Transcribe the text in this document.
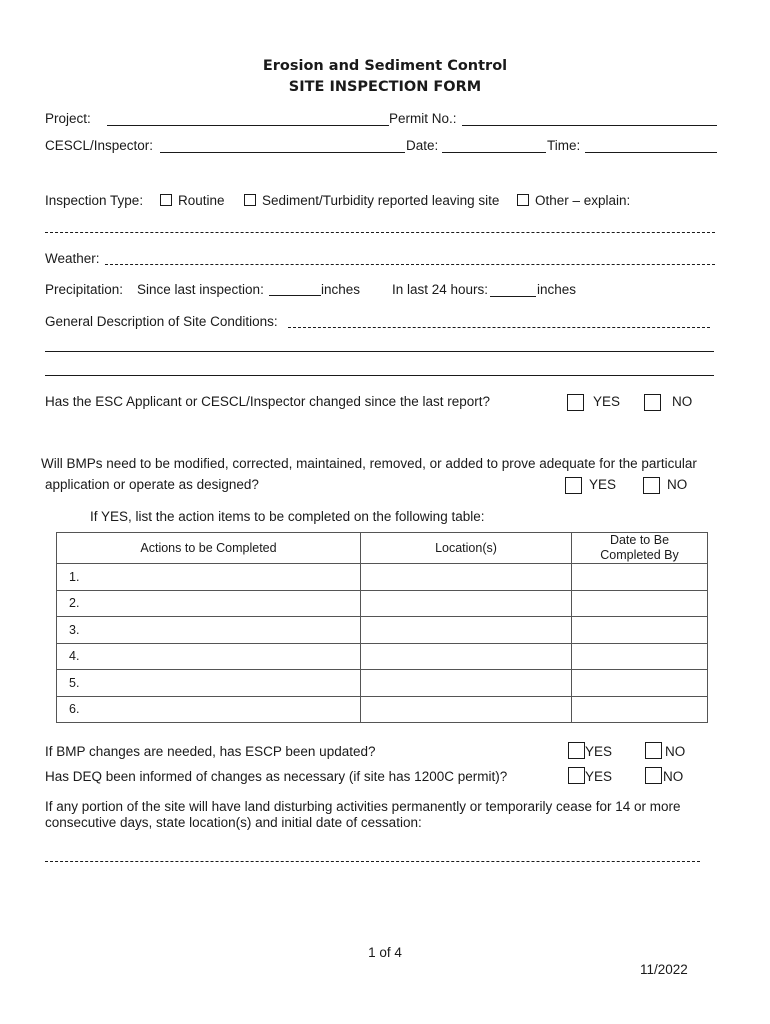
Erosion and Sediment Control
SITE INSPECTION FORM
Project:	Permit No.:
CESCL/Inspector:	Date:	Time:
Inspection Type:	Routine	Sediment/Turbidity reported leaving site	Other – explain:
Weather:
Precipitation: Since last inspection:	inches In last 24 hours:	inches
General Description of Site Conditions:
Has the ESC Applicant or CESCL/Inspector changed since the last report?	YES	NO
Will BMPs need to be modified, corrected, maintained, removed, or added to prove adequate for the particular
application or operate as designed?	YES	NO
If YES, list the action items to be completed on the following table:
Actions to be Completed	Location(s)	Date to Be
Completed By
1.		
2.		
3.		
4.		
5.		
6.		
If BMP changes are needed, has ESCP been updated?	YES	NO
Has DEQ been informed of changes as necessary (if site has 1200C permit)?	YES	NO
If any portion of the site will have land disturbing activities permanently or temporarily cease for 14 or more
consecutive days, state location(s) and initial date of cessation:
1 of 4
11/2022
